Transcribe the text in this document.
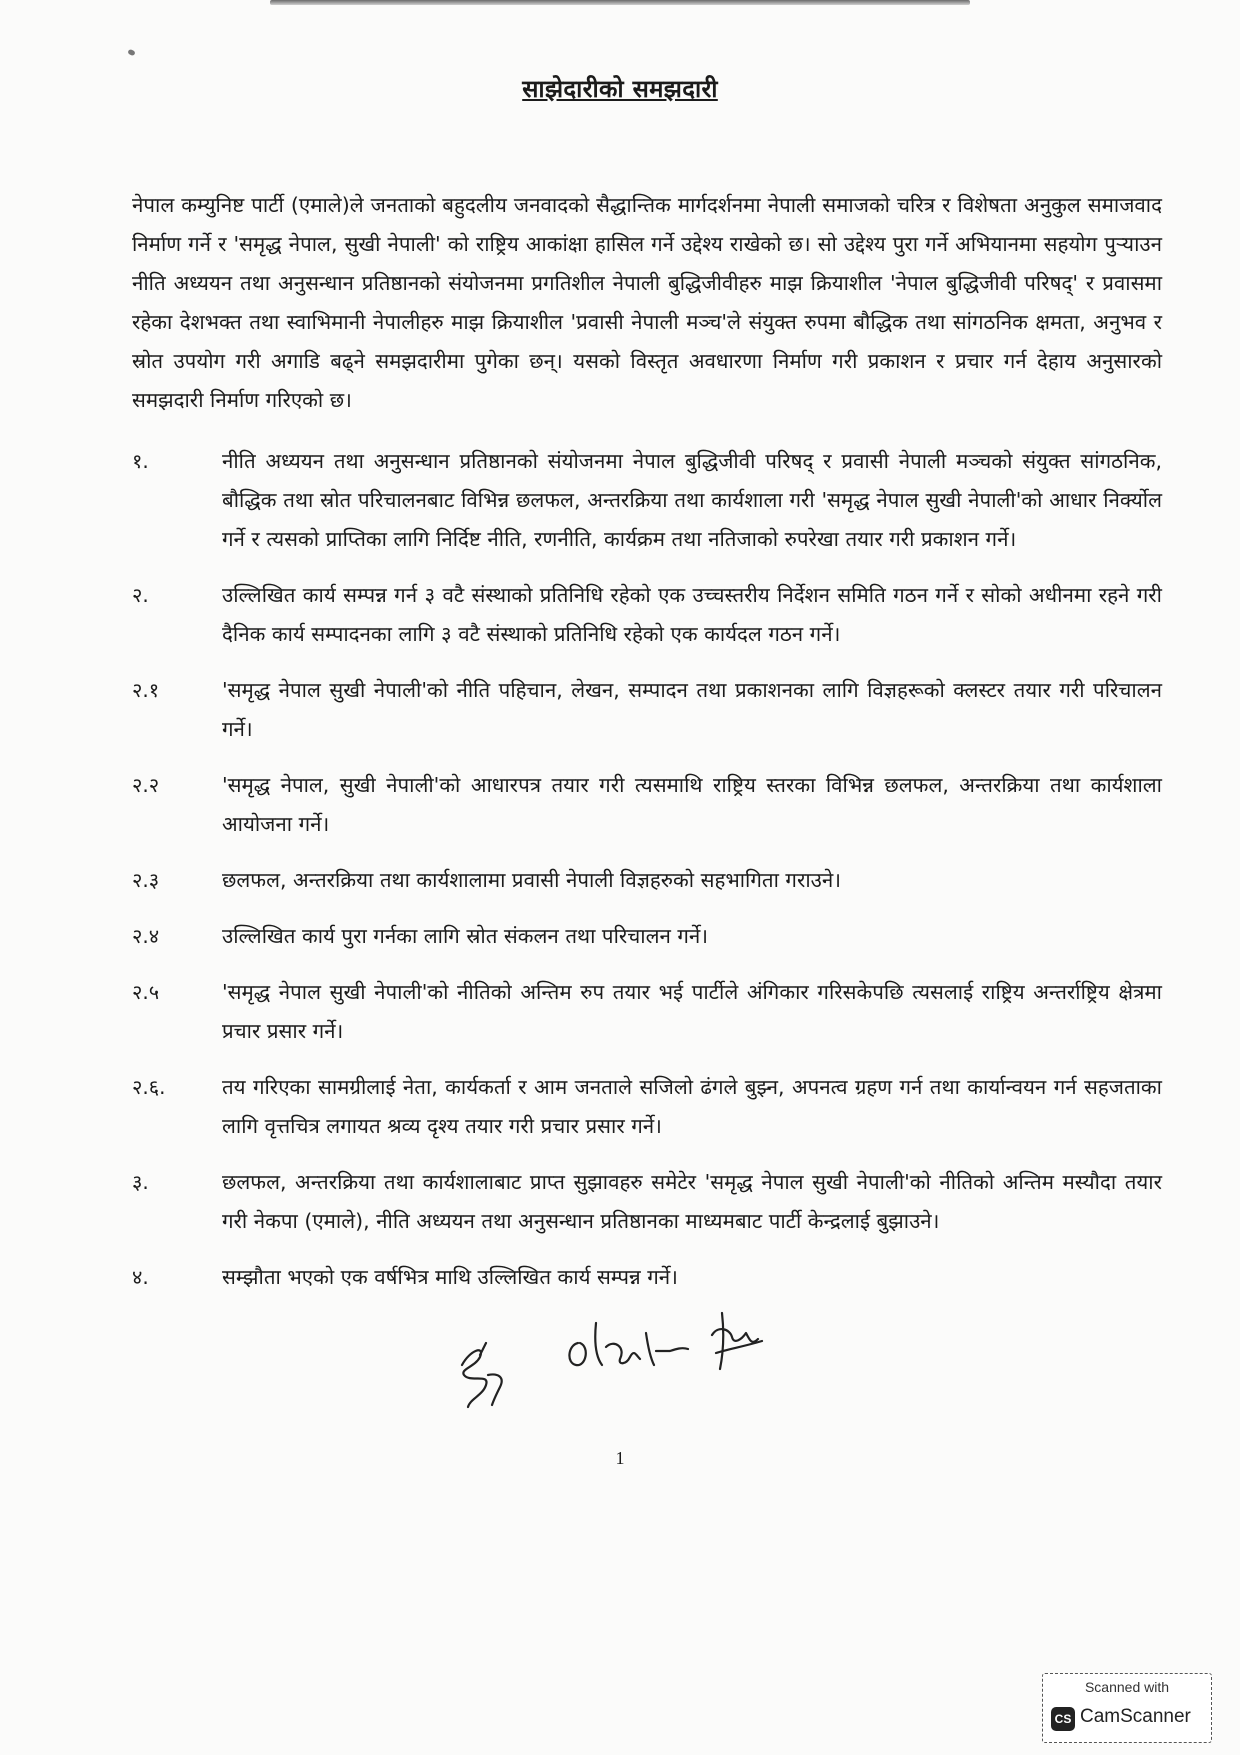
साझेदारीको समझदारी

नेपाल कम्युनिष्ट पार्टी (एमाले)ले जनताको बहुदलीय जनवादको सैद्धान्तिक मार्गदर्शनमा नेपाली समाजको चरित्र र विशेषता अनुकुल समाजवाद निर्माण गर्ने र 'समृद्ध नेपाल, सुखी नेपाली' को राष्ट्रिय आकांक्षा हासिल गर्ने उद्देश्य राखेको छ। सो उद्देश्य पुरा गर्ने अभियानमा सहयोग पुऱ्याउन नीति अध्ययन तथा अनुसन्धान प्रतिष्ठानको संयोजनमा प्रगतिशील नेपाली बुद्धिजीवीहरु माझ क्रियाशील 'नेपाल बुद्धिजीवी परिषद्' र प्रवासमा रहेका देशभक्त तथा स्वाभिमानी नेपालीहरु माझ क्रियाशील 'प्रवासी नेपाली मञ्च'ले संयुक्त रुपमा बौद्धिक तथा सांगठनिक क्षमता, अनुभव र स्रोत उपयोग गरी अगाडि बढ्ने समझदारीमा पुगेका छन्। यसको विस्तृत अवधारणा निर्माण गरी प्रकाशन र प्रचार गर्न देहाय अनुसारको समझदारी निर्माण गरिएको छ।

१.	नीति अध्ययन तथा अनुसन्धान प्रतिष्ठानको संयोजनमा नेपाल बुद्धिजीवी परिषद् र प्रवासी नेपाली मञ्चको संयुक्त सांगठनिक, बौद्धिक तथा स्रोत परिचालनबाट विभिन्न छलफल, अन्तरक्रिया तथा कार्यशाला गरी 'समृद्ध नेपाल सुखी नेपाली'को आधार निर्क्योल गर्ने र त्यसको प्राप्तिका लागि निर्दिष्ट नीति, रणनीति, कार्यक्रम तथा नतिजाको रुपरेखा तयार गरी प्रकाशन गर्ने।
२.	उल्लिखित कार्य सम्पन्न गर्न ३ वटै संस्थाको प्रतिनिधि रहेको एक उच्चस्तरीय निर्देशन समिति गठन गर्ने र सोको अधीनमा रहने गरी दैनिक कार्य सम्पादनका लागि ३ वटै संस्थाको प्रतिनिधि रहेको एक कार्यदल गठन गर्ने।
२.१	'समृद्ध नेपाल सुखी नेपाली'को नीति पहिचान, लेखन, सम्पादन तथा प्रकाशनका लागि विज्ञहरूको क्लस्टर तयार गरी परिचालन गर्ने।
२.२	'समृद्ध नेपाल, सुखी नेपाली'को आधारपत्र तयार गरी त्यसमाथि राष्ट्रिय स्तरका विभिन्न छलफल, अन्तरक्रिया तथा कार्यशाला आयोजना गर्ने।
२.३	छलफल, अन्तरक्रिया तथा कार्यशालामा प्रवासी नेपाली विज्ञहरुको सहभागिता गराउने।
२.४	उल्लिखित कार्य पुरा गर्नका लागि स्रोत संकलन तथा परिचालन गर्ने।
२.५	'समृद्ध नेपाल सुखी नेपाली'को नीतिको अन्तिम रुप तयार भई पार्टीले अंगिकार गरिसकेपछि त्यसलाई राष्ट्रिय अन्तर्राष्ट्रिय क्षेत्रमा प्रचार प्रसार गर्ने।
२.६.	तय गरिएका सामग्रीलाई नेता, कार्यकर्ता र आम जनताले सजिलो ढंगले बुझ्न, अपनत्व ग्रहण गर्न तथा कार्यान्वयन गर्न सहजताका लागि वृत्तचित्र लगायत श्रव्य दृश्य तयार गरी प्रचार प्रसार गर्ने।
३.	छलफल, अन्तरक्रिया तथा कार्यशालाबाट प्राप्त सुझावहरु समेटेर 'समृद्ध नेपाल सुखी नेपाली'को नीतिको अन्तिम मस्यौदा तयार गरी नेकपा (एमाले), नीति अध्ययन तथा अनुसन्धान प्रतिष्ठानका माध्यमबाट पार्टी केन्द्रलाई बुझाउने।
४.	सम्झौता भएको एक वर्षभित्र माथि उल्लिखित कार्य सम्पन्न गर्ने।
1
Scanned with
CS CamScanner
